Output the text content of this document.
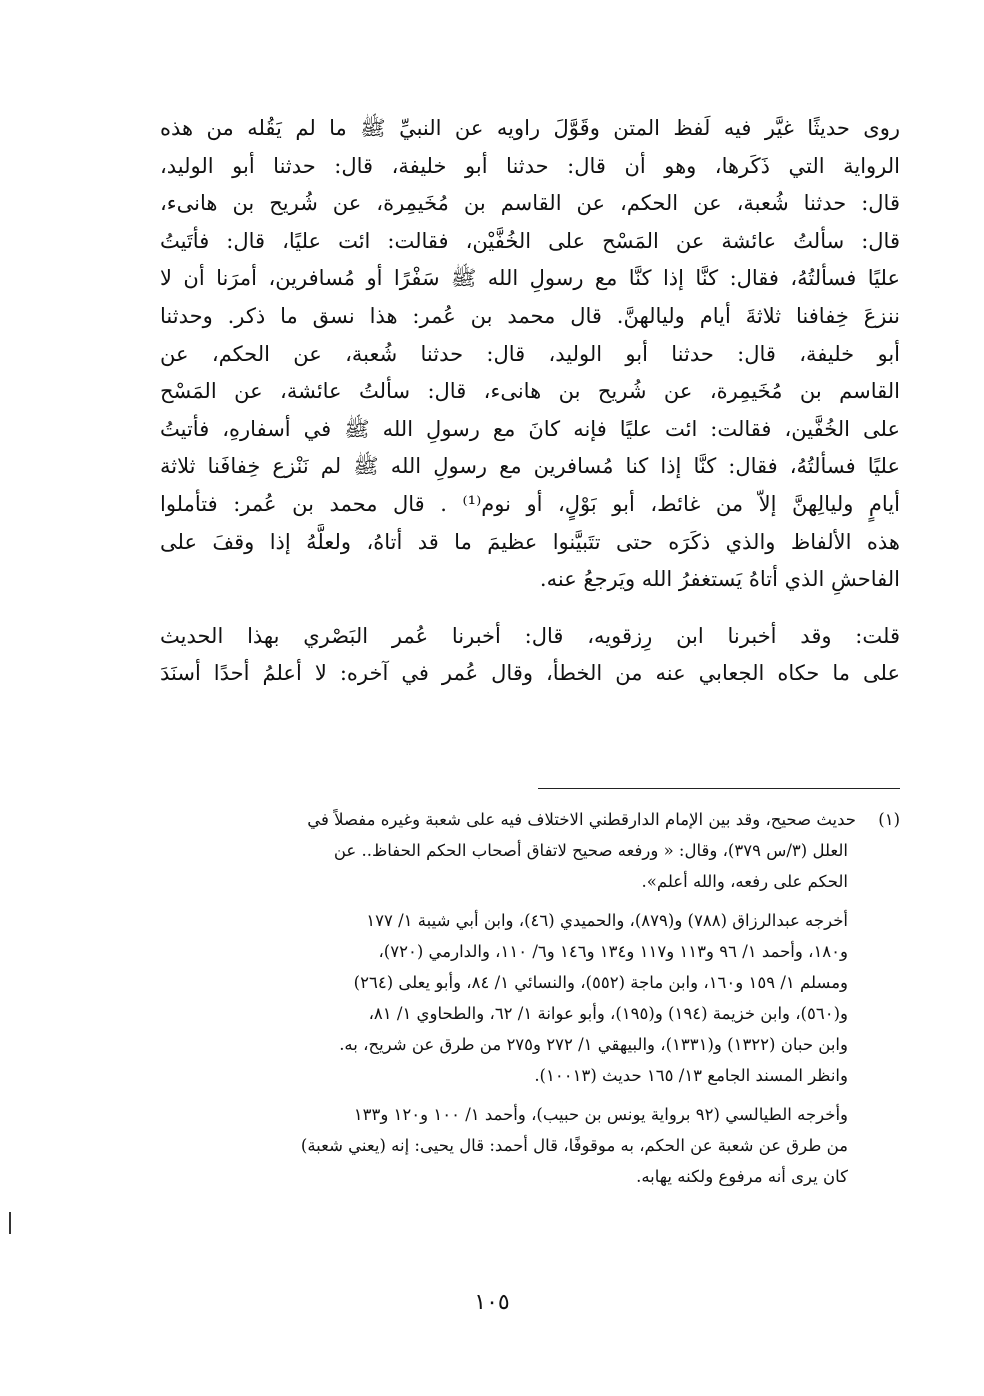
روى حديثًا غيَّر فيه لَفظ المتن وقَوَّلَ راويه عن النبيِّ ﷺ ما لم يَقُله من هذه

الرواية التي ذَكَرها، وهو أن قال: حدثنا أبو خليفة، قال: حدثنا أبو الوليد،

قال: حدثنا شُعبة، عن الحكم، عن القاسم بن مُخَيمِرة، عن شُريح بن هانىء،

قال: سألتُ عائشة عن المَسْح على الخُفَّيْن، فقالت: ائت عليًا، قال: فأتَيتُ

عليًا فسألتُهُ، فقال: كنَّا إذا كنَّا مع رسولِ الله ﷺ سَفْرًا أو مُسافرين، أمرَنا أن لا

ننزعَ خِفافنا ثلاثةَ أيام وليالهنَّ. قال محمد بن عُمر: هذا نسق ما ذكر. وحدثنا

أبو خليفة، قال: حدثنا أبو الوليد، قال: حدثنا شُعبة، عن الحكم، عن

القاسم بن مُخَيمِرة، عن شُريح بن هانىء، قال: سألتُ عائشة، عن المَسْح

على الخُفَّين، فقالت: ائت عليًا فإنه كانَ مع رسولِ الله ﷺ في أسفارهِ، فأتيتُ

عليًا فسألتُهُ، فقال: كنَّا إذا كنا مُسافرين مع رسولِ الله ﷺ لم نَنْزع خِفافَنا ثلاثة

أيامٍ وليالِهنَّ إلاّ من غائط، أبو بَوْلٍ، أو نوم⁽¹⁾ . قال محمد بن عُمر: فتأملوا

هذه الألفاظ والذي ذكَرَه حتى تتَبيَّنوا عظيمَ ما قد أتاهُ، ولعلَّهُ إذا وقفَ على

الفاحشِ الذي أتاهُ يَستغفرُ الله ويَرجعُ عنه.

قلت: وقد أخبرنا ابن رِزقويه، قال: أخبرنا عُمر البَصْري بهذا الحديث

على ما حكاه الجعابي عنه من الخطأ، وقال عُمر في آخره: لا أعلمُ أحدًا أسنَدَ

(١)حديث صحيح، وقد بين الإمام الدارقطني الاختلاف فيه على شعبة وغيره مفصلاً في
العلل (٣/س ٣٧٩)، وقال: « ورفعه صحيح لاتفاق أصحاب الحكم الحفاظ.. عن
الحكم على رفعه، والله أعلم».
أخرجه عبدالرزاق (٧٨٨) و(٨٧٩)، والحميدي (٤٦)، وابن أبي شيبة ١/ ١٧٧
و١٨٠، وأحمد ١/ ٩٦ و١١٣ و١١٧ و١٣٤ و١٤٦ و٦/ ١١٠، والدارمي (٧٢٠)،
ومسلم ١/ ١٥٩ و١٦٠، وابن ماجة (٥٥٢)، والنسائي ١/ ٨٤، وأبو يعلى (٢٦٤)
و(٥٦٠)، وابن خزيمة (١٩٤) و(١٩٥)، وأبو عوانة ١/ ٦٢، والطحاوي ١/ ٨١،
وابن حبان (١٣٢٢) و(١٣٣١)، والبيهقي ١/ ٢٧٢ و٢٧٥ من طرق عن شريح، به.
وانظر المسند الجامع ١٣/ ١٦٥ حديث (١٠٠١٣).
وأخرجه الطيالسي (٩٢ برواية يونس بن حبيب)، وأحمد ١/ ١٠٠ و١٢٠ و١٣٣
من طرق عن شعبة عن الحكم، به موقوفًا، قال أحمد: قال يحيى: إنه (يعني شعبة)
كان يرى أنه مرفوع ولكنه يهابه.
١٠٥
